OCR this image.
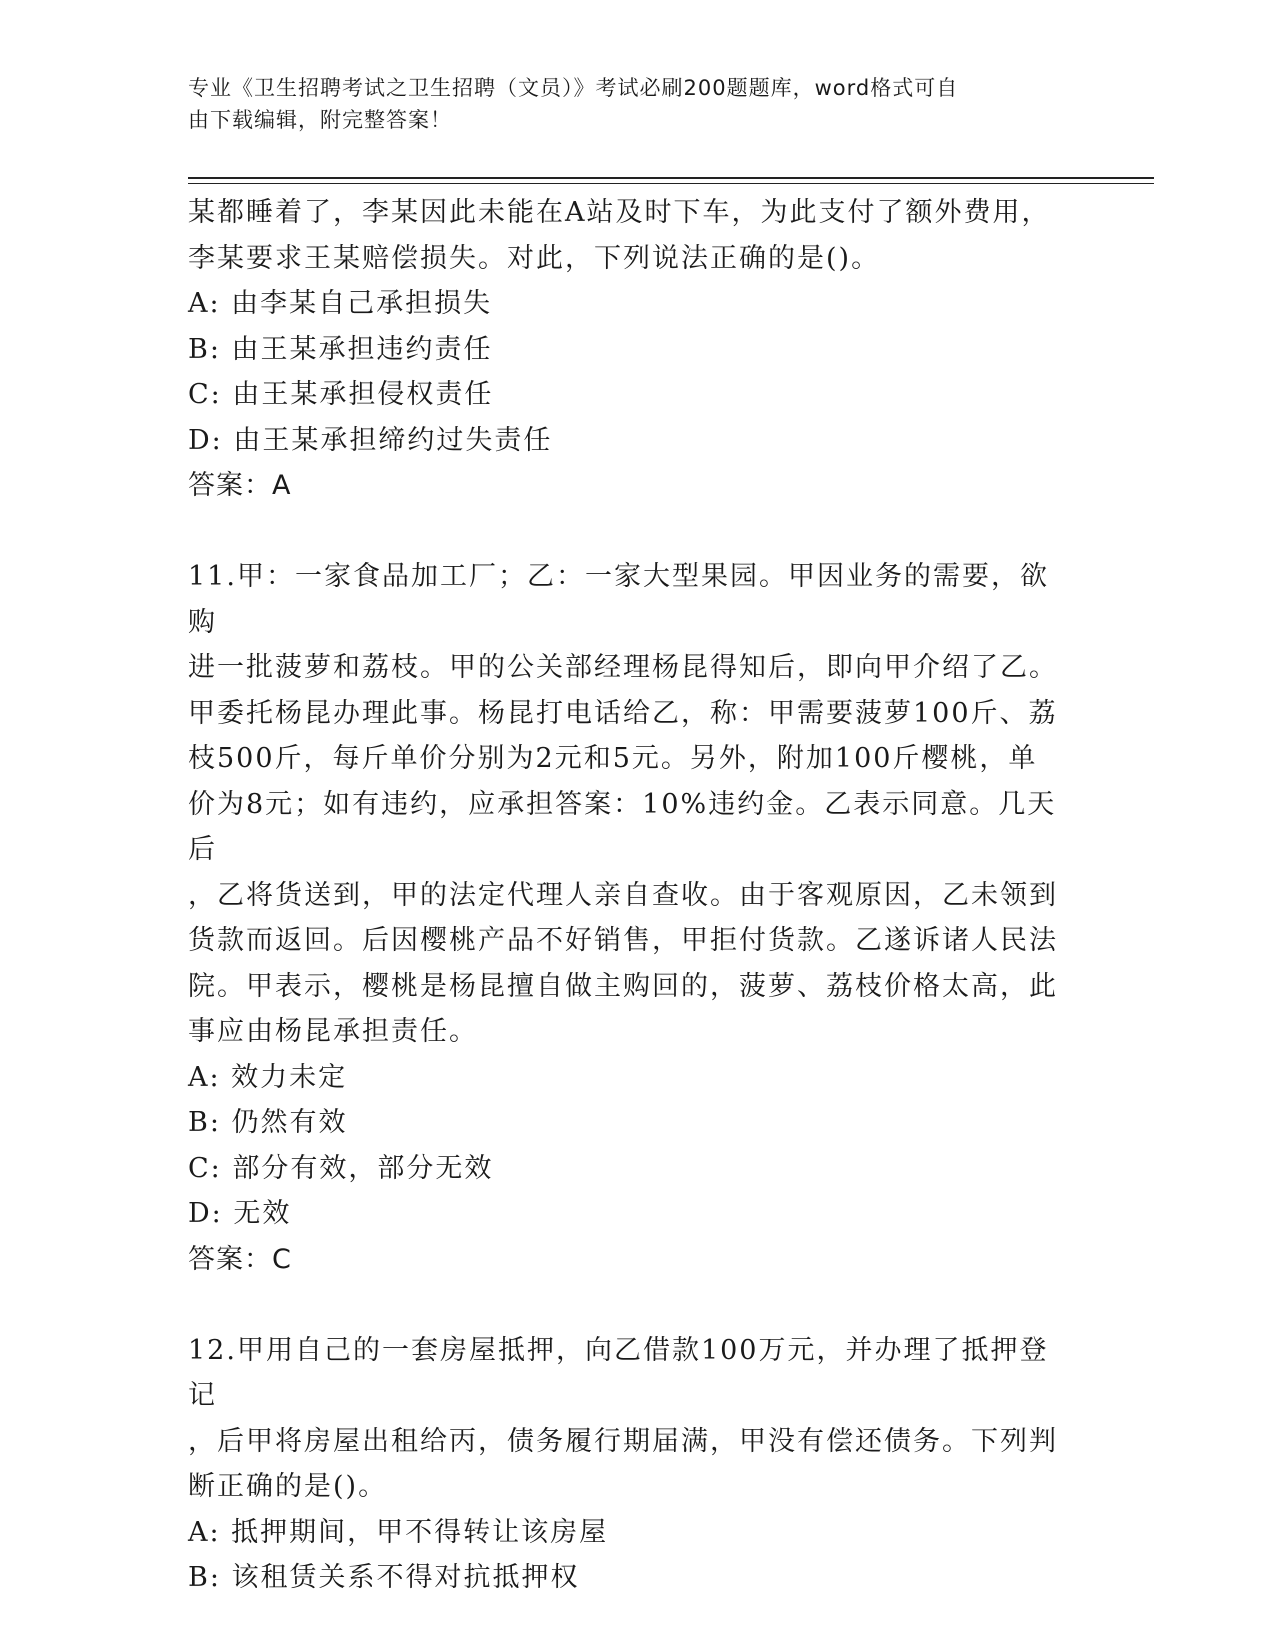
专业《卫生招聘考试之卫生招聘（文员）》考试必刷200题题库，word格式可自
由下载编辑，附完整答案！

某都睡着了，李某因此未能在A站及时下车，为此支付了额外费用，

李某要求王某赔偿损失。对此，下列说法正确的是()。

A: 由李某自己承担损失

B: 由王某承担违约责任

C: 由王某承担侵权责任

D: 由王某承担缔约过失责任

答案：A

11.甲：一家食品加工厂；乙：一家大型果园。甲因业务的需要，欲购

进一批菠萝和荔枝。甲的公关部经理杨昆得知后，即向甲介绍了乙。

甲委托杨昆办理此事。杨昆打电话给乙，称：甲需要菠萝100斤、荔

枝500斤，每斤单价分别为2元和5元。另外，附加100斤樱桃，单

价为8元；如有违约，应承担答案：10%违约金。乙表示同意。几天后

，乙将货送到，甲的法定代理人亲自查收。由于客观原因，乙未领到

货款而返回。后因樱桃产品不好销售，甲拒付货款。乙遂诉诸人民法

院。甲表示，樱桃是杨昆擅自做主购回的，菠萝、荔枝价格太高，此

事应由杨昆承担责任。

A: 效力未定

B: 仍然有效

C: 部分有效，部分无效

D: 无效

答案：C

12.甲用自己的一套房屋抵押，向乙借款100万元，并办理了抵押登记

，后甲将房屋出租给丙，债务履行期届满，甲没有偿还债务。下列判

断正确的是()。

A: 抵押期间，甲不得转让该房屋

B: 该租赁关系不得对抗抵押权
